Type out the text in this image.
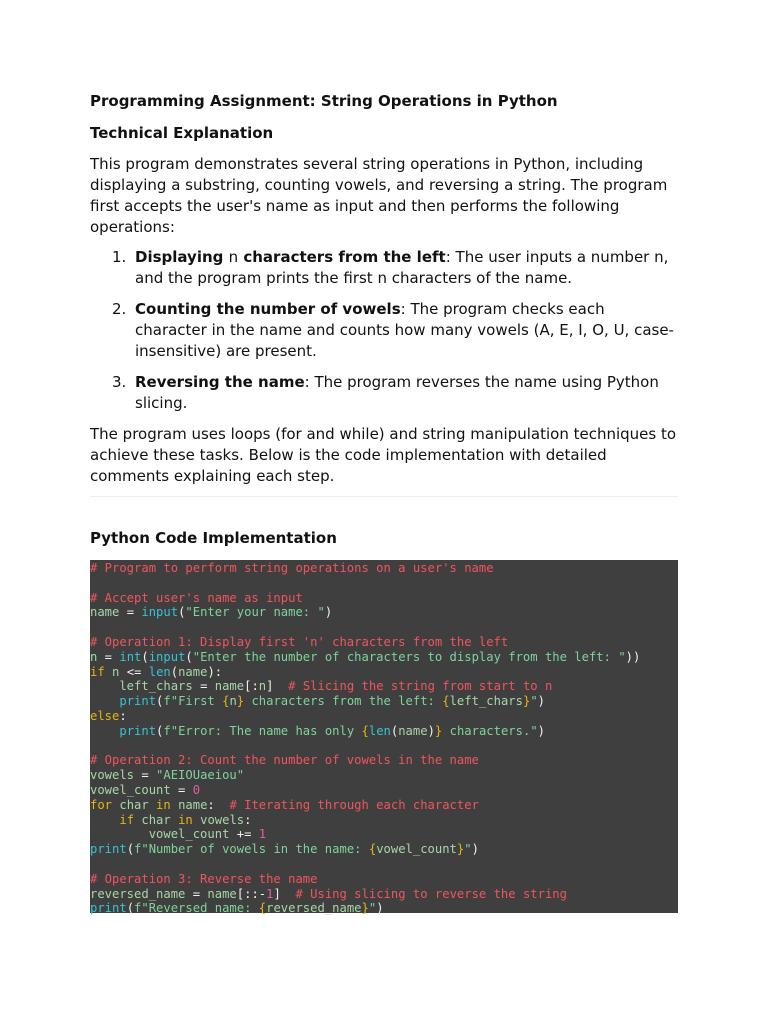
Programming Assignment: String Operations in Python
Technical Explanation

This program demonstrates several string operations in Python, including displaying a substring, counting vowels, and reversing a string. The program first accepts the user's name as input and then performs the following operations:

1. Displaying n characters from the left: The user inputs a number n, and the program prints the first n characters of the name.
2. Counting the number of vowels: The program checks each character in the name and counts how many vowels (A, E, I, O, U, case-insensitive) are present.
3. Reversing the name: The program reverses the name using Python slicing.

The program uses loops (for and while) and string manipulation techniques to achieve these tasks. Below is the code implementation with detailed comments explaining each step.

Python Code Implementation
# Program to perform string operations on a user's name

# Accept user's name as input
name = input("Enter your name: ")

# Operation 1: Display first 'n' characters from the left
n = int(input("Enter the number of characters to display from the left: "))
if n <= len(name):
left_chars = name[:n]  # Slicing the string from start to n
print(f"First {n} characters from the left: {left_chars}")
else:
print(f"Error: The name has only {len(name)} characters.")

# Operation 2: Count the number of vowels in the name
vowels = "AEIOUaeiou"
vowel_count = 0
for char in name:  # Iterating through each character
if char in vowels:
vowel_count += 1
print(f"Number of vowels in the name: {vowel_count}")

# Operation 3: Reverse the name
reversed_name = name[::-1]  # Using slicing to reverse the string
print(f"Reversed name: {reversed_name}")
